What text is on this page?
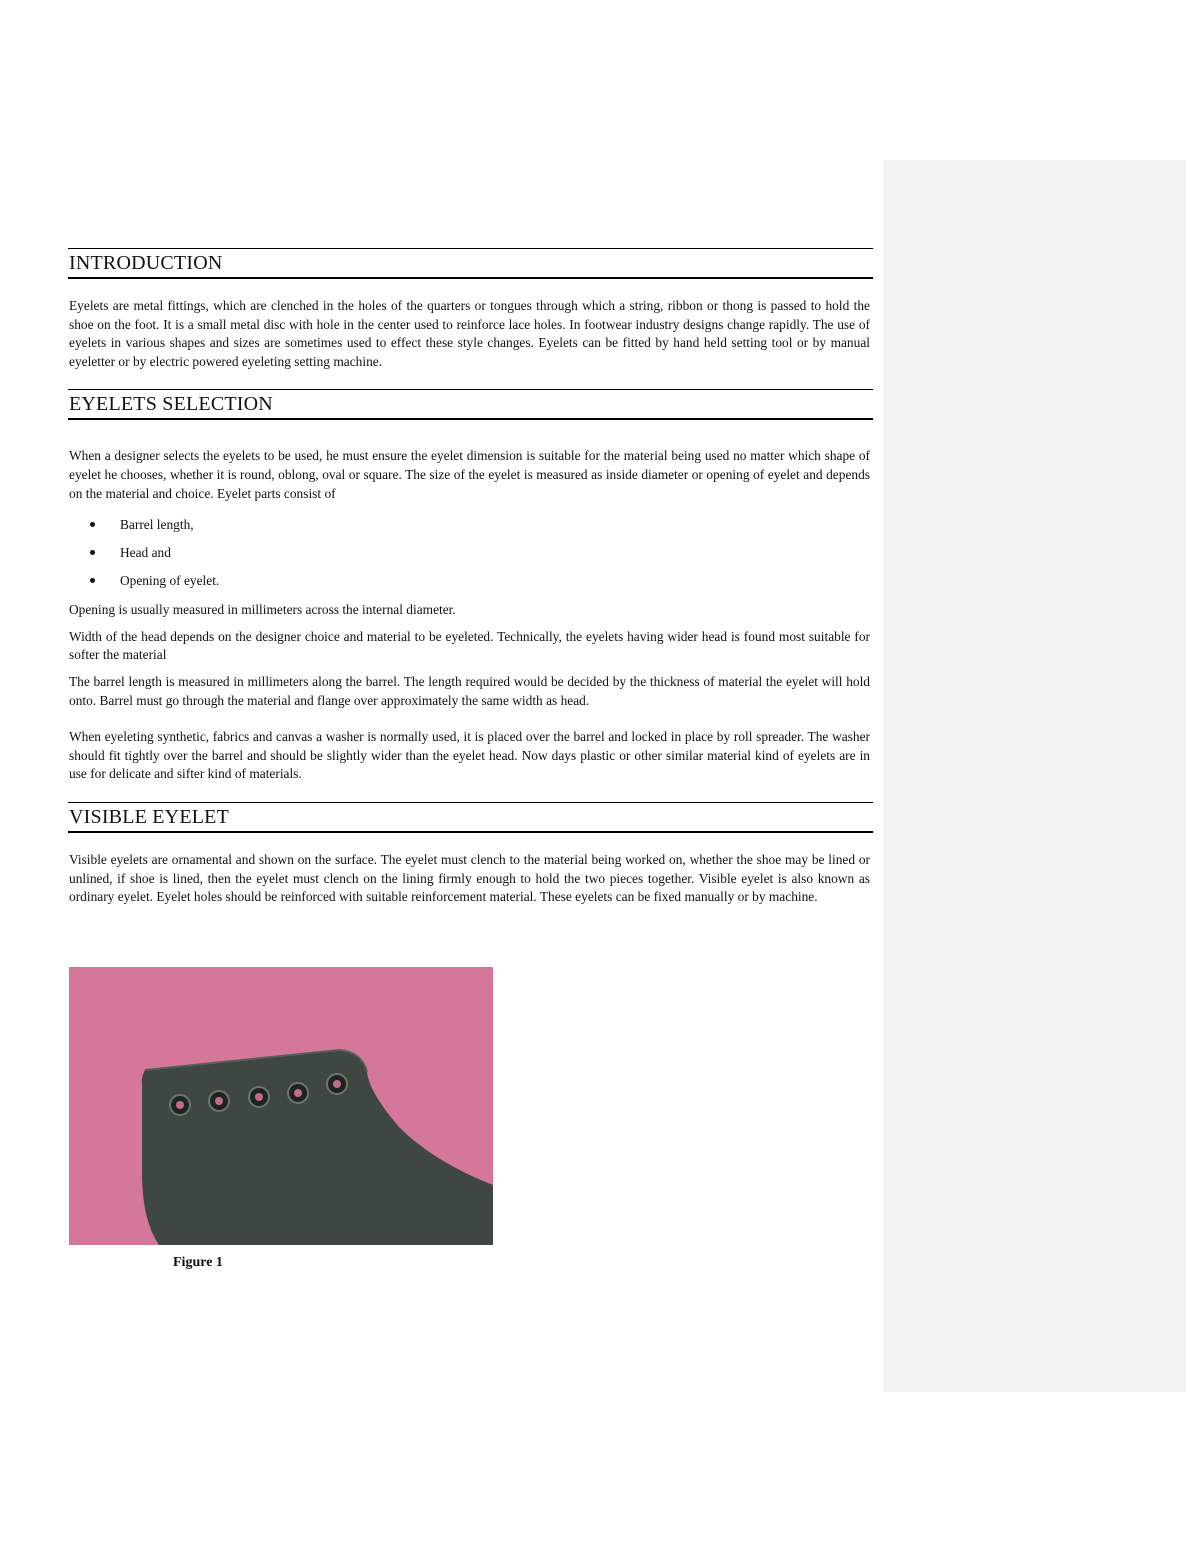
INTRODUCTION

Eyelets are metal fittings, which are clenched in the holes of the quarters or tongues through which a string, ribbon or thong is passed to hold the shoe on the foot. It is a small metal disc with hole in the center used to reinforce lace holes. In footwear industry designs change rapidly. The use of eyelets in various shapes and sizes are sometimes used to effect these style changes. Eyelets can be fitted by hand held setting tool or by manual eyeletter or by electric powered eyeleting setting machine.

EYELETS SELECTION

When a designer selects the eyelets to be used, he must ensure the eyelet dimension is suitable for the material being used no matter which shape of eyelet he chooses, whether it is round, oblong, oval or square. The size of the eyelet is measured as inside diameter or opening of eyelet and depends on the material and choice. Eyelet parts consist of

Barrel length,
Head and
Opening of eyelet.

Opening is usually measured in millimeters across the internal diameter.

Width of the head depends on the designer choice and material to be eyeleted. Technically, the eyelets having wider head is found most suitable for softer the material

The barrel length is measured in millimeters along the barrel. The length required would be decided by the thickness of material the eyelet will hold onto. Barrel must go through the material and flange over approximately the same width as head.

When eyeleting synthetic, fabrics and canvas a washer is normally used, it is placed over the barrel and locked in place by roll spreader. The washer should fit tightly over the barrel and should be slightly wider than the eyelet head. Now days plastic or other similar material kind of eyelets are in use for delicate and sifter kind of materials.

VISIBLE EYELET

Visible eyelets are ornamental and shown on the surface. The eyelet must clench to the material being worked on, whether the shoe may be lined or unlined, if shoe is lined, then the eyelet must clench on the lining firmly enough to hold the two pieces together. Visible eyelet is also known as ordinary eyelet. Eyelet holes should be reinforced with suitable reinforcement material. These eyelets can be fixed manually or by machine.

Figure 1
